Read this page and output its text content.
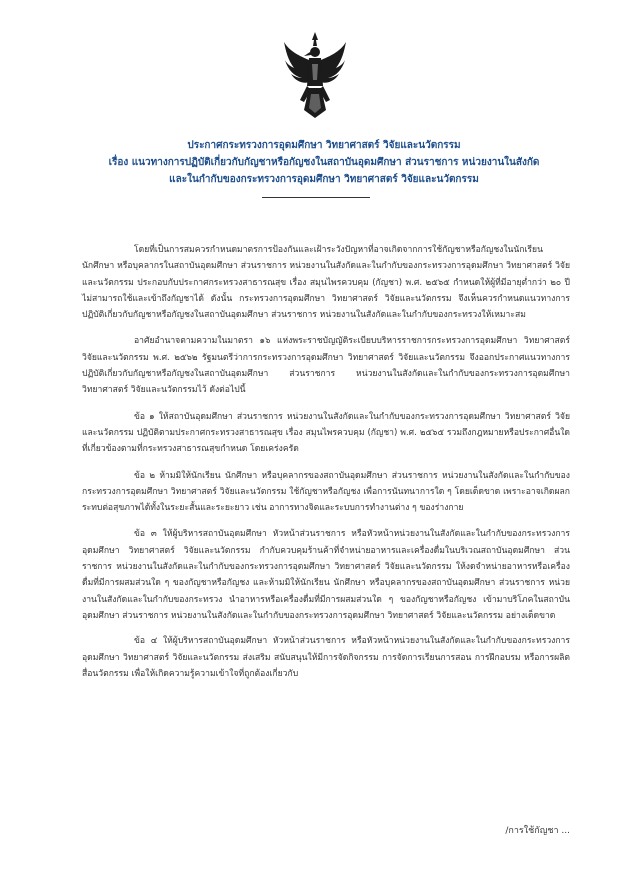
ประกาศกระทรวงการอุดมศึกษา วิทยาศาสตร์ วิจัยและนวัตกรรม
เรื่อง แนวทางการปฏิบัติเกี่ยวกับกัญชาหรือกัญชงในสถาบันอุดมศึกษา ส่วนราชการ หน่วยงานในสังกัด
และในกำกับของกระทรวงการอุดมศึกษา วิทยาศาสตร์ วิจัยและนวัตกรรม

โดยที่เป็นการสมควรกำหนดมาตรการป้องกันและเฝ้าระวังปัญหาที่อาจเกิดจากการใช้กัญชาหรือกัญชงในนักเรียน นักศึกษา หรือบุคลากรในสถาบันอุดมศึกษา ส่วนราชการ หน่วยงานในสังกัดและในกำกับของกระทรวงการอุดมศึกษา วิทยาศาสตร์ วิจัยและนวัตกรรม ประกอบกับประกาศกระทรวงสาธารณสุข เรื่อง สมุนไพรควบคุม (กัญชา) พ.ศ. ๒๕๖๕ กำหนดให้ผู้ที่มีอายุต่ำกว่า ๒๐ ปี ไม่สามารถใช้และเข้าถึงกัญชาได้ ดังนั้น กระทรวงการอุดมศึกษา วิทยาศาสตร์ วิจัยและนวัตกรรม จึงเห็นควรกำหนดแนวทางการปฏิบัติเกี่ยวกับกัญชาหรือกัญชงในสถาบันอุดมศึกษา ส่วนราชการ หน่วยงานในสังกัดและในกำกับของกระทรวงให้เหมาะสม

อาศัยอำนาจตามความในมาตรา ๑๖ แห่งพระราชบัญญัติระเบียบบริหารราชการกระทรวงการอุดมศึกษา วิทยาศาสตร์ วิจัยและนวัตกรรม พ.ศ. ๒๕๖๒ รัฐมนตรีว่าการกระทรวงการอุดมศึกษา วิทยาศาสตร์ วิจัยและนวัตกรรม จึงออกประกาศแนวทางการปฏิบัติเกี่ยวกับกัญชาหรือกัญชงในสถาบันอุดมศึกษา ส่วนราชการ หน่วยงานในสังกัดและในกำกับของกระทรวงการอุดมศึกษา วิทยาศาสตร์ วิจัยและนวัตกรรมไว้ ดังต่อไปนี้

ข้อ ๑ ให้สถาบันอุดมศึกษา ส่วนราชการ หน่วยงานในสังกัดและในกำกับของกระทรวงการอุดมศึกษา วิทยาศาสตร์ วิจัยและนวัตกรรม ปฏิบัติตามประกาศกระทรวงสาธารณสุข เรื่อง สมุนไพรควบคุม (กัญชา) พ.ศ. ๒๕๖๕ รวมถึงกฎหมายหรือประกาศอื่นใดที่เกี่ยวข้องตามที่กระทรวงสาธารณสุขกำหนด โดยเคร่งครัด

ข้อ ๒ ห้ามมิให้นักเรียน นักศึกษา หรือบุคลากรของสถาบันอุดมศึกษา ส่วนราชการ หน่วยงานในสังกัดและในกำกับของกระทรวงการอุดมศึกษา วิทยาศาสตร์ วิจัยและนวัตกรรม ใช้กัญชาหรือกัญชง เพื่อการนันทนาการใด ๆ โดยเด็ดขาด เพราะอาจเกิดผลกระทบต่อสุขภาพได้ทั้งในระยะสั้นและระยะยาว เช่น อาการทางจิตและระบบการทำงานต่าง ๆ ของร่างกาย

ข้อ ๓ ให้ผู้บริหารสถาบันอุดมศึกษา หัวหน้าส่วนราชการ หรือหัวหน้าหน่วยงานในสังกัดและในกำกับของกระทรวงการอุดมศึกษา วิทยาศาสตร์ วิจัยและนวัตกรรม กำกับควบคุมร้านค้าที่จำหน่ายอาหารและเครื่องดื่มในบริเวณสถาบันอุดมศึกษา ส่วนราชการ หน่วยงานในสังกัดและในกำกับของกระทรวงการอุดมศึกษา วิทยาศาสตร์ วิจัยและนวัตกรรม ให้งดจำหน่ายอาหารหรือเครื่องดื่มที่มีการผสมส่วนใด ๆ ของกัญชาหรือกัญชง และห้ามมิให้นักเรียน นักศึกษา หรือบุคลากรของสถาบันอุดมศึกษา ส่วนราชการ หน่วยงานในสังกัดและในกำกับของกระทรวง นำอาหารหรือเครื่องดื่มที่มีการผสมส่วนใด ๆ ของกัญชาหรือกัญชง เข้ามาบริโภคในสถาบันอุดมศึกษา ส่วนราชการ หน่วยงานในสังกัดและในกำกับของกระทรวงการอุดมศึกษา วิทยาศาสตร์ วิจัยและนวัตกรรม อย่างเด็ดขาด

ข้อ ๔ ให้ผู้บริหารสถาบันอุดมศึกษา หัวหน้าส่วนราชการ หรือหัวหน้าหน่วยงานในสังกัดและในกำกับของกระทรวงการอุดมศึกษา วิทยาศาสตร์ วิจัยและนวัตกรรม ส่งเสริม สนับสนุนให้มีการจัดกิจกรรม การจัดการเรียนการสอน การฝึกอบรม หรือการผลิตสื่อนวัตกรรม เพื่อให้เกิดความรู้ความเข้าใจที่ถูกต้องเกี่ยวกับ

/การใช้กัญชา ...
